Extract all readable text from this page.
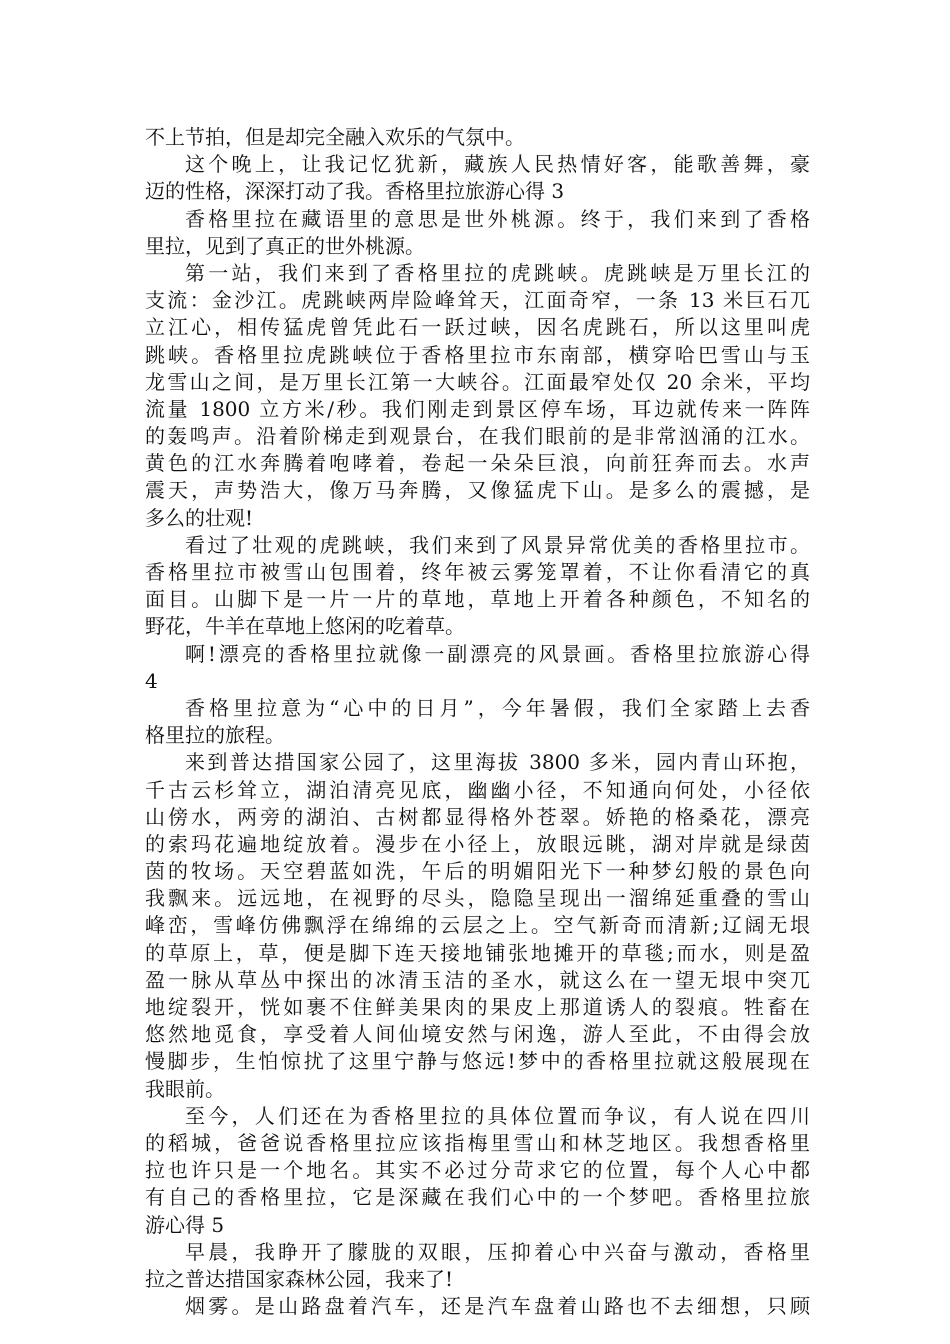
不上节拍，但是却完全融入欢乐的气氛中。
这个晚上，让我记忆犹新，藏族人民热情好客，能歌善舞，豪
迈的性格，深深打动了我。香格里拉旅游心得 3
香格里拉在藏语里的意思是世外桃源。终于，我们来到了香格
里拉，见到了真正的世外桃源。
第一站，我们来到了香格里拉的虎跳峡。虎跳峡是万里长江的
支流：金沙江。虎跳峡两岸险峰耸天，江面奇窄，一条 13 米巨石兀
立江心，相传猛虎曾凭此石一跃过峡，因名虎跳石，所以这里叫虎
跳峡。香格里拉虎跳峡位于香格里拉市东南部，横穿哈巴雪山与玉
龙雪山之间，是万里长江第一大峡谷。江面最窄处仅 20 余米，平均
流量 1800 立方米/秒。我们刚走到景区停车场，耳边就传来一阵阵
的轰鸣声。沿着阶梯走到观景台，在我们眼前的是非常汹涌的江水。
黄色的江水奔腾着咆哮着，卷起一朵朵巨浪，向前狂奔而去。水声
震天，声势浩大，像万马奔腾，又像猛虎下山。是多么的震撼，是
多么的壮观!
看过了壮观的虎跳峡，我们来到了风景异常优美的香格里拉市。
香格里拉市被雪山包围着，终年被云雾笼罩着，不让你看清它的真
面目。山脚下是一片一片的草地，草地上开着各种颜色，不知名的
野花，牛羊在草地上悠闲的吃着草。
啊!漂亮的香格里拉就像一副漂亮的风景画。香格里拉旅游心得
4
香格里拉意为“心中的日月”，今年暑假，我们全家踏上去香
格里拉的旅程。
来到普达措国家公园了，这里海拔 3800 多米，园内青山环抱，
千古云杉耸立，湖泊清亮见底，幽幽小径，不知通向何处，小径依
山傍水，两旁的湖泊、古树都显得格外苍翠。娇艳的格桑花，漂亮
的索玛花遍地绽放着。漫步在小径上，放眼远眺，湖对岸就是绿茵
茵的牧场。天空碧蓝如洗，午后的明媚阳光下一种梦幻般的景色向
我飘来。远远地，在视野的尽头，隐隐呈现出一溜绵延重叠的雪山
峰峦，雪峰仿佛飘浮在绵绵的云层之上。空气新奇而清新;辽阔无垠
的草原上，草，便是脚下连天接地铺张地摊开的草毯;而水，则是盈
盈一脉从草丛中探出的冰清玉洁的圣水，就这么在一望无垠中突兀
地绽裂开，恍如裹不住鲜美果肉的果皮上那道诱人的裂痕。牲畜在
悠然地觅食，享受着人间仙境安然与闲逸，游人至此，不由得会放
慢脚步，生怕惊扰了这里宁静与悠远!梦中的香格里拉就这般展现在
我眼前。
至今，人们还在为香格里拉的具体位置而争议，有人说在四川
的稻城，爸爸说香格里拉应该指梅里雪山和林芝地区。我想香格里
拉也许只是一个地名。其实不必过分苛求它的位置，每个人心中都
有自己的香格里拉，它是深藏在我们心中的一个梦吧。香格里拉旅
游心得 5
早晨，我睁开了朦胧的双眼，压抑着心中兴奋与激动，香格里
拉之普达措国家森林公园，我来了!
烟雾。是山路盘着汽车，还是汽车盘着山路也不去细想，只顾
